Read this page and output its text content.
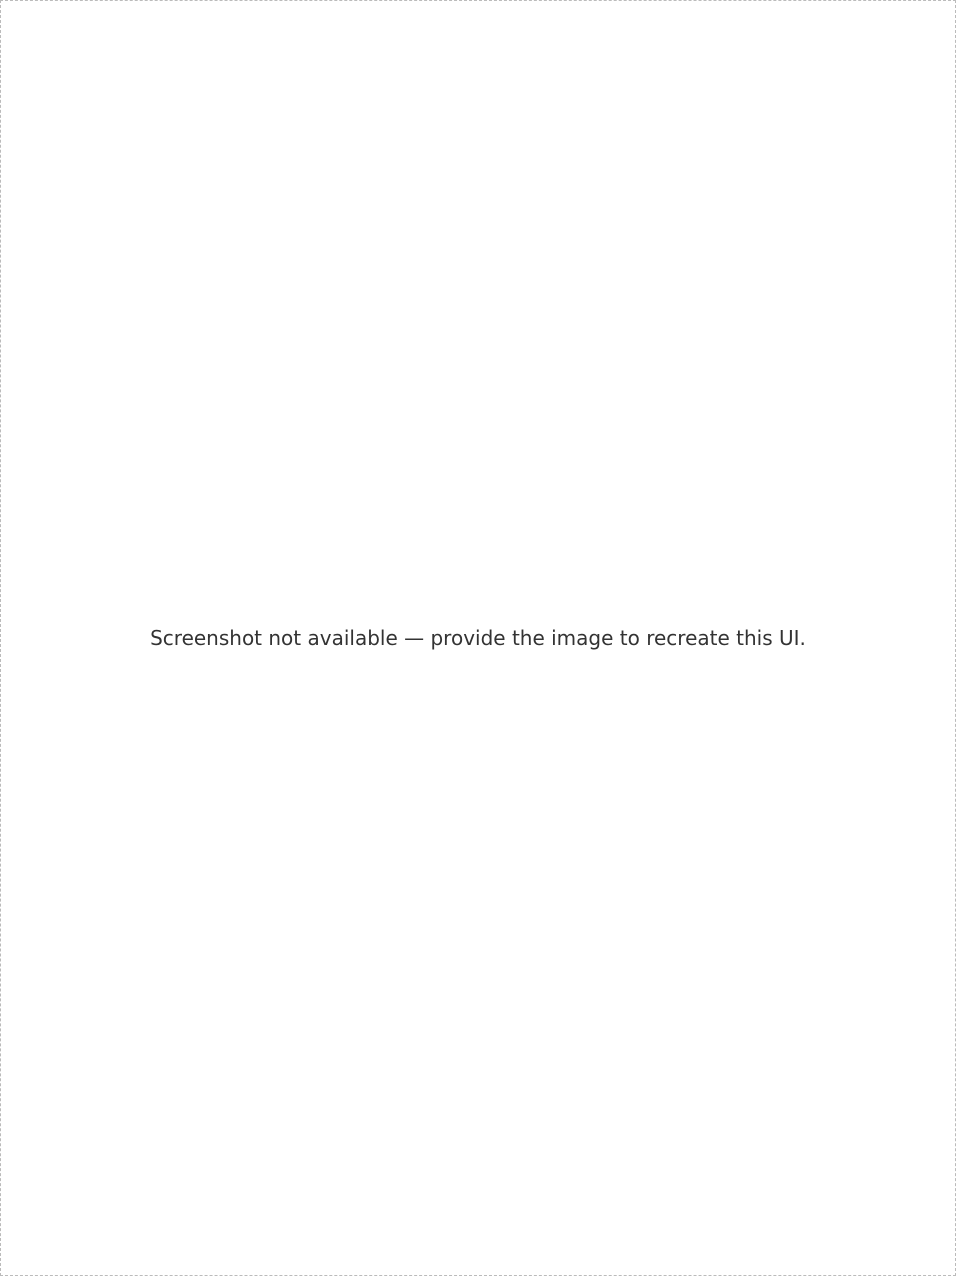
Screenshot not available — provide the image to recreate this UI.
